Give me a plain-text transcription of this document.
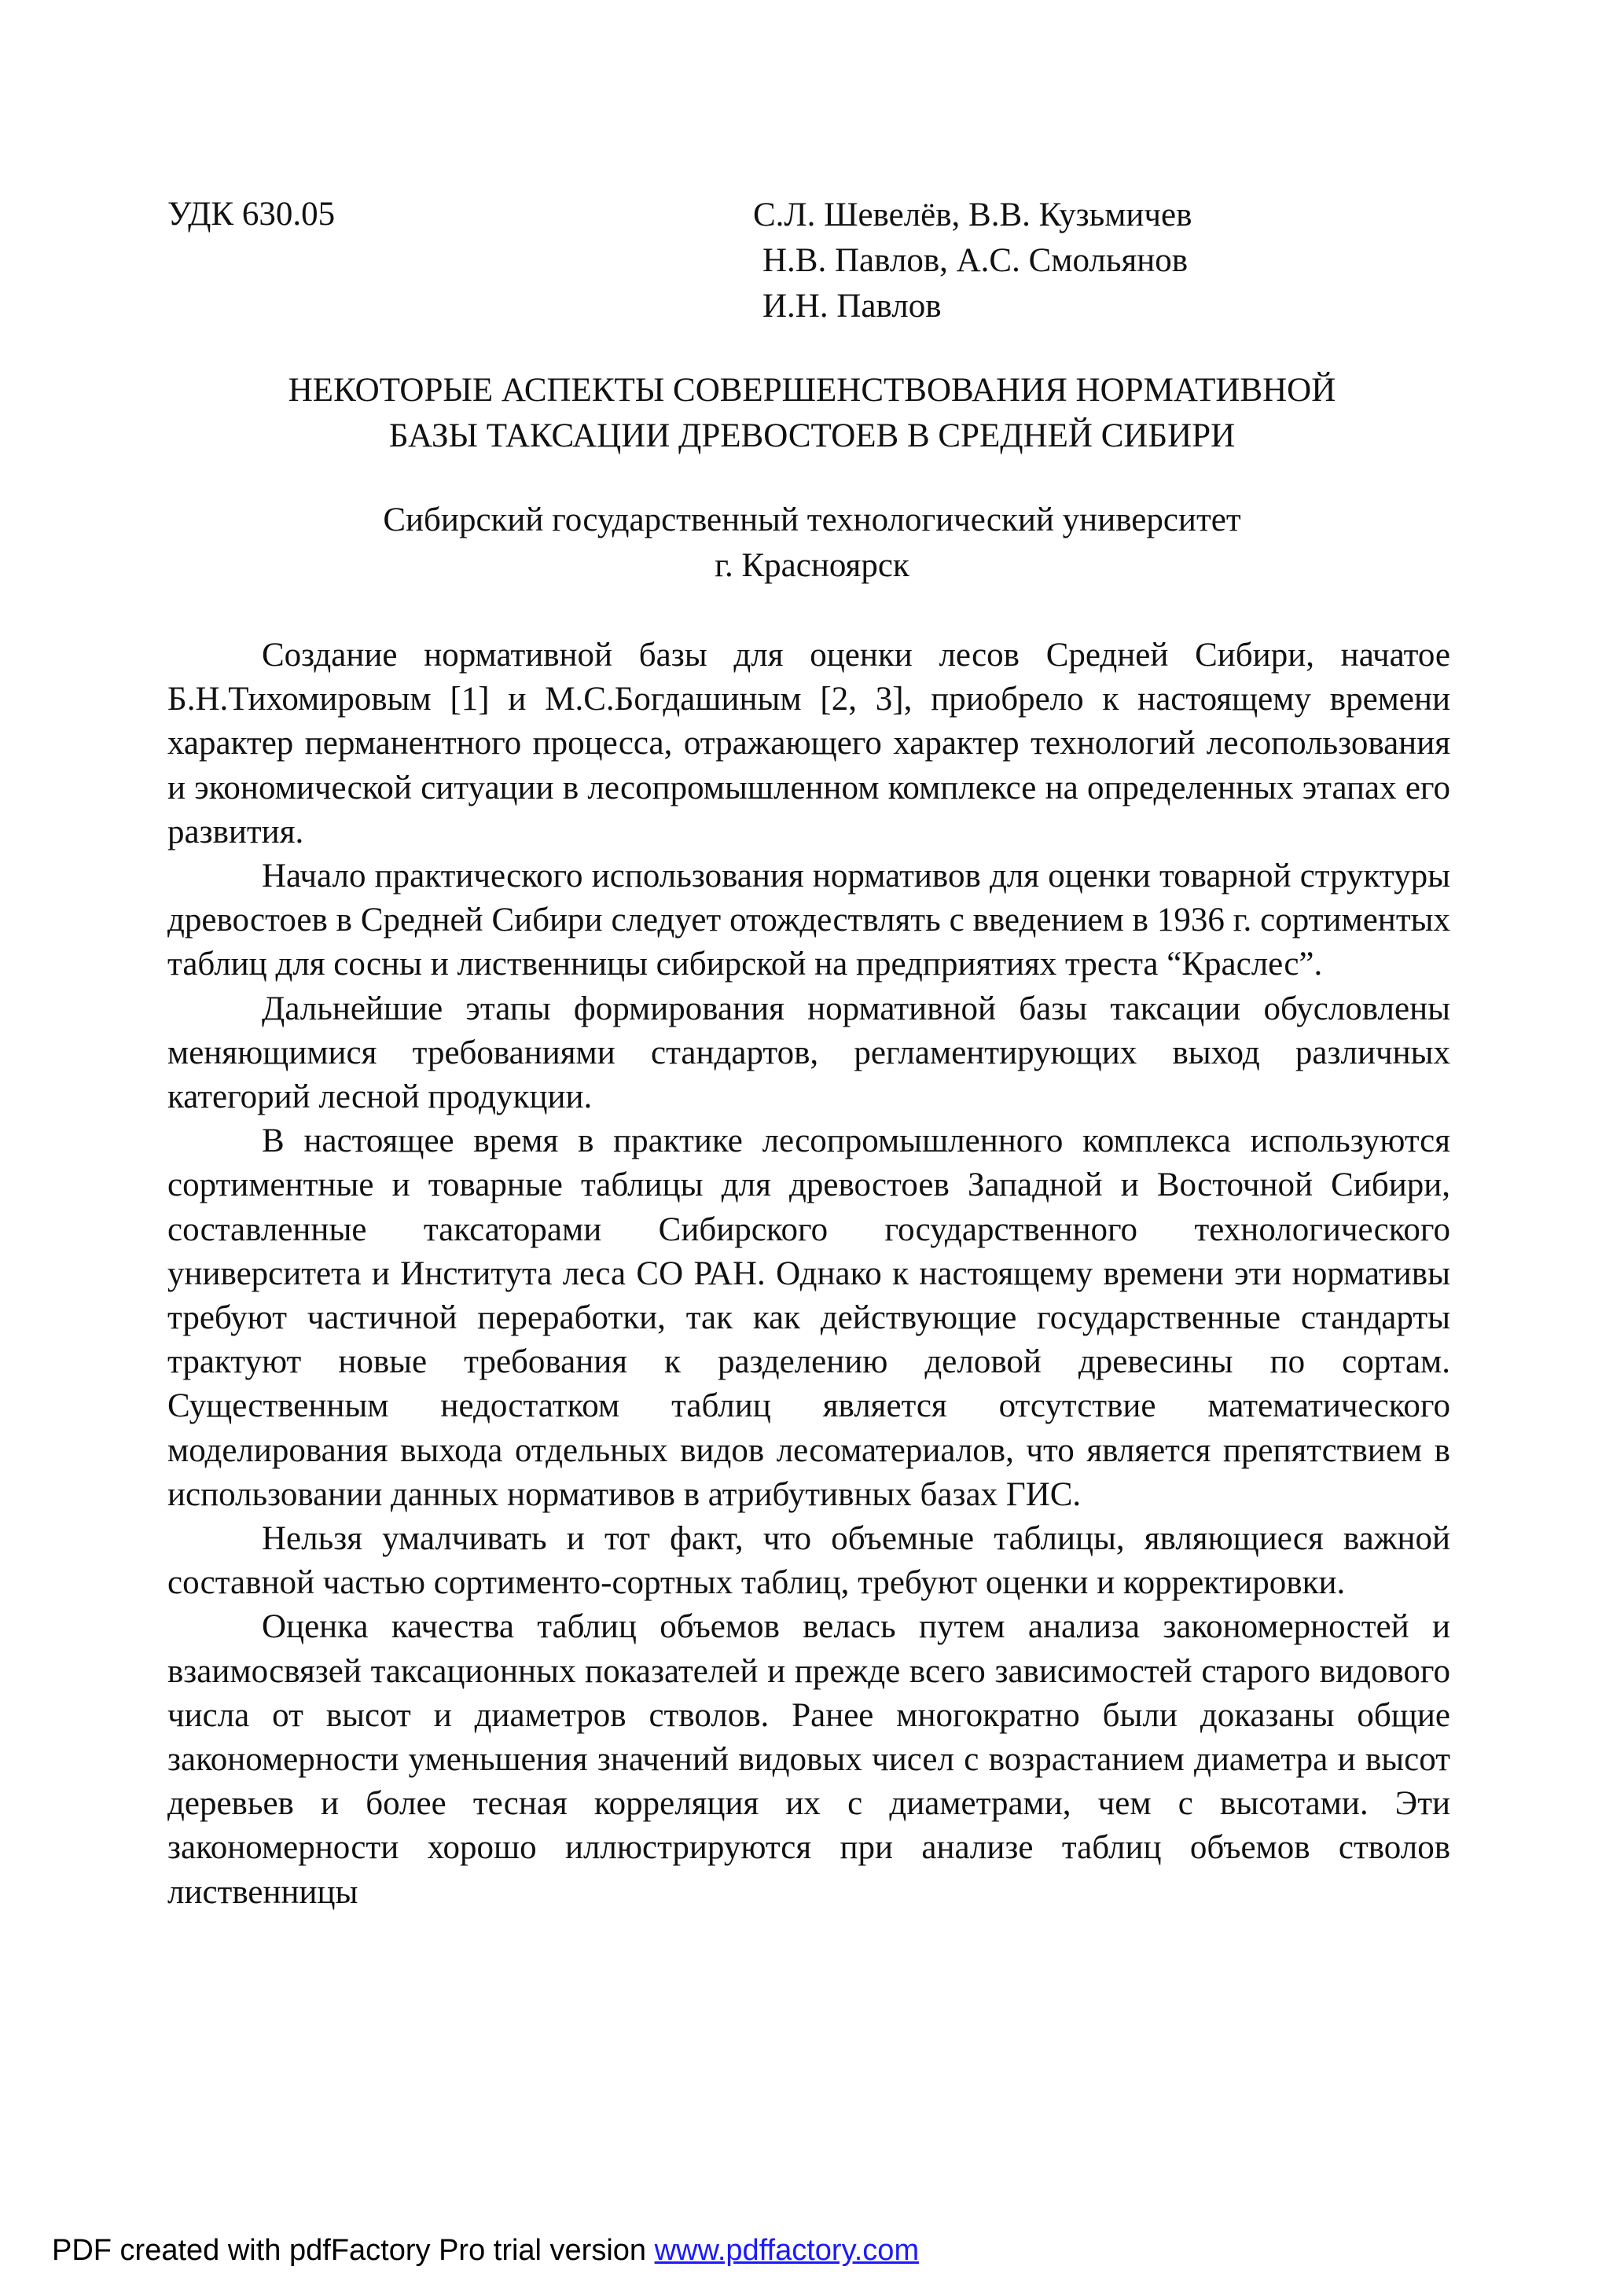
УДК 630.05	С.Л. Шевелёв, В.В. Кузьмичев
Н.В. Павлов, А.С. Смольянов
И.Н. Павлов
НЕКОТОРЫЕ АСПЕКТЫ СОВЕРШЕНСТВОВАНИЯ НОРМАТИВНОЙ
БАЗЫ ТАКСАЦИИ ДРЕВОСТОЕВ В СРЕДНЕЙ СИБИРИ
Сибирский государственный технологический университет
г. Красноярск

Создание нормативной базы для оценки лесов Средней Сибири, начатое Б.Н.Тихомировым [1] и М.С.Богдашиным [2, 3], приобрело к настоящему времени характер перманентного процесса, отражающего характер технологий лесопользования и экономической ситуации в лесопромышленном комплексе на определенных этапах его развития.

Начало практического использования нормативов для оценки товарной структуры древостоев в Средней Сибири следует отождествлять с введением в 1936 г. сортиментых таблиц для сосны и лиственницы сибирской на предприятиях треста “Краслес”.

Дальнейшие этапы формирования нормативной базы таксации обусловлены меняющимися требованиями стандартов, регламентирующих выход различных категорий лесной продукции.

В настоящее время в практике лесопромышленного комплекса используются сортиментные и товарные таблицы для древостоев Западной и Восточной Сибири, составленные таксаторами Сибирского государственного технологического университета и Института леса СО РАН. Однако к настоящему времени эти нормативы требуют частичной переработки, так как действующие государственные стандарты трактуют новые требования к разделению деловой древесины по сортам. Существенным недостатком таблиц является отсутствие математического моделирования выхода отдельных видов лесоматериалов, что является препятствием в использовании данных нормативов в атрибутивных базах ГИС.

Нельзя умалчивать и тот факт, что объемные таблицы, являющиеся важной составной частью сортименто-сортных таблиц, требуют оценки и корректировки.

Оценка качества таблиц объемов велась путем анализа закономерностей и взаимосвязей таксационных показателей и прежде всего зависимостей старого видового числа от высот и диаметров стволов. Ранее многократно были доказаны общие закономерности уменьшения значений видовых чисел с возрастанием диаметра и высот деревьев и более тесная корреляция их с диаметрами, чем с высотами. Эти закономерности хорошо иллюстрируются при анализе таблиц объемов стволов лиственницы

PDF created with pdfFactory Pro trial version www.pdffactory.com
